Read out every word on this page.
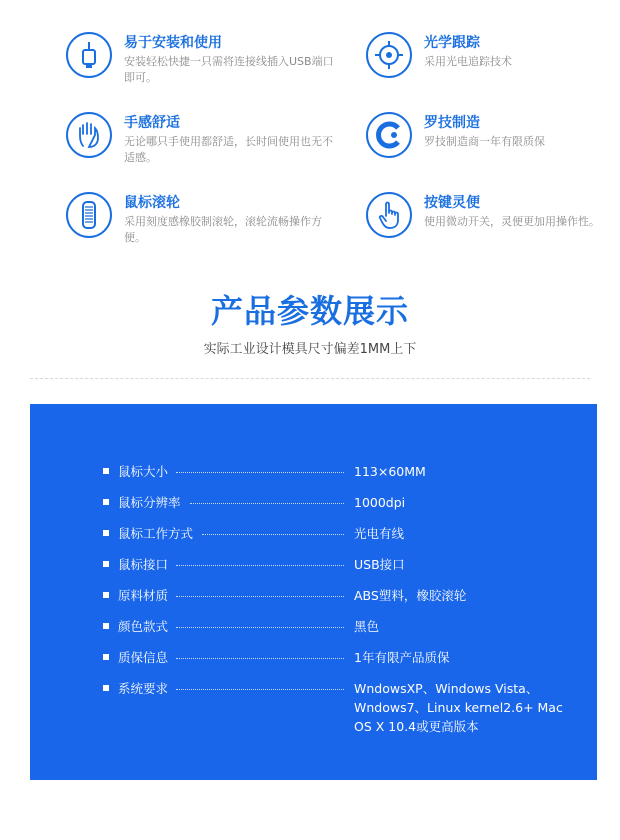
易于安装和使用
安装轻松快捷一只需将连接线插入USB端口即可。
光学跟踪
采用光电追踪技术
手感舒适
无论哪只手使用都舒适，长时间使用也无不适感。
罗技制造
罗技制造商一年有限质保
鼠标滚轮
采用刻度感橡胶制滚轮，滚轮流畅操作方便。
按键灵便
使用微动开关，灵便更加用操作性。
产品参数展示
实际工业设计模具尺寸偏差1MM上下
鼠标大小	113×60MM
鼠标分辨率	1000dpi
鼠标工作方式	光电有线
鼠标接口	USB接口
原料材质	ABS塑料，橡胶滚轮
颜色款式	黑色
质保信息	1年有限产品质保
系统要求	WndowsXP、Windows Vista、Wndows7、Linux kernel2.6+ Mac OS X 10.4或更高版本
